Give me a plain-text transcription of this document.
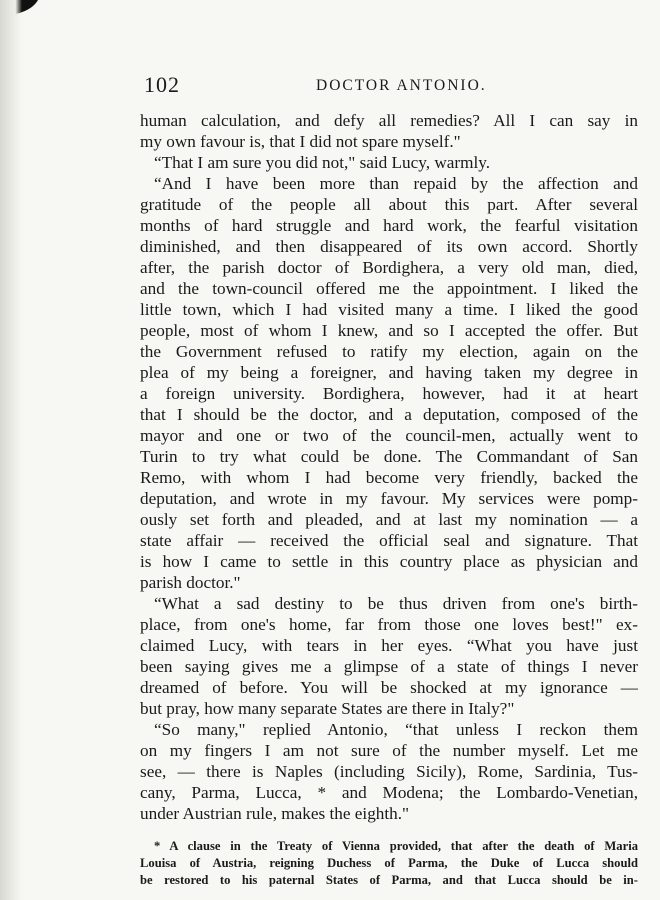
102	DOCTOR ANTONIO.

human calculation, and defy all remedies? All I can say in
my own favour is, that I did not spare myself."

“That I am sure you did not," said Lucy, warmly.

“And I have been more than repaid by the affection and
gratitude of the people all about this part. After several
months of hard struggle and hard work, the fearful visitation
diminished, and then disappeared of its own accord. Shortly
after, the parish doctor of Bordighera, a very old man, died,
and the town-council offered me the appointment. I liked the
little town, which I had visited many a time. I liked the good
people, most of whom I knew, and so I accepted the offer. But
the Government refused to ratify my election, again on the
plea of my being a foreigner, and having taken my degree in
a foreign university. Bordighera, however, had it at heart
that I should be the doctor, and a deputation, composed of the
mayor and one or two of the council-men, actually went to
Turin to try what could be done. The Commandant of San
Remo, with whom I had become very friendly, backed the
deputation, and wrote in my favour. My services were pomp-
ously set forth and pleaded, and at last my nomination — a
state affair — received the official seal and signature. That
is how I came to settle in this country place as physician and
parish doctor."

“What a sad destiny to be thus driven from one's birth-
place, from one's home, far from those one loves best!" ex-
claimed Lucy, with tears in her eyes. “What you have just
been saying gives me a glimpse of a state of things I never
dreamed of before. You will be shocked at my ignorance —
but pray, how many separate States are there in Italy?"

“So many," replied Antonio, “that unless I reckon them
on my fingers I am not sure of the number myself. Let me
see, — there is Naples (including Sicily), Rome, Sardinia, Tus-
cany, Parma, Lucca, * and Modena; the Lombardo-Venetian,
under Austrian rule, makes the eighth."

* A clause in the Treaty of Vienna provided, that after the death of Maria
Louisa of Austria, reigning Duchess of Parma, the Duke of Lucca should
be restored to his paternal States of Parma, and that Lucca should be in-
